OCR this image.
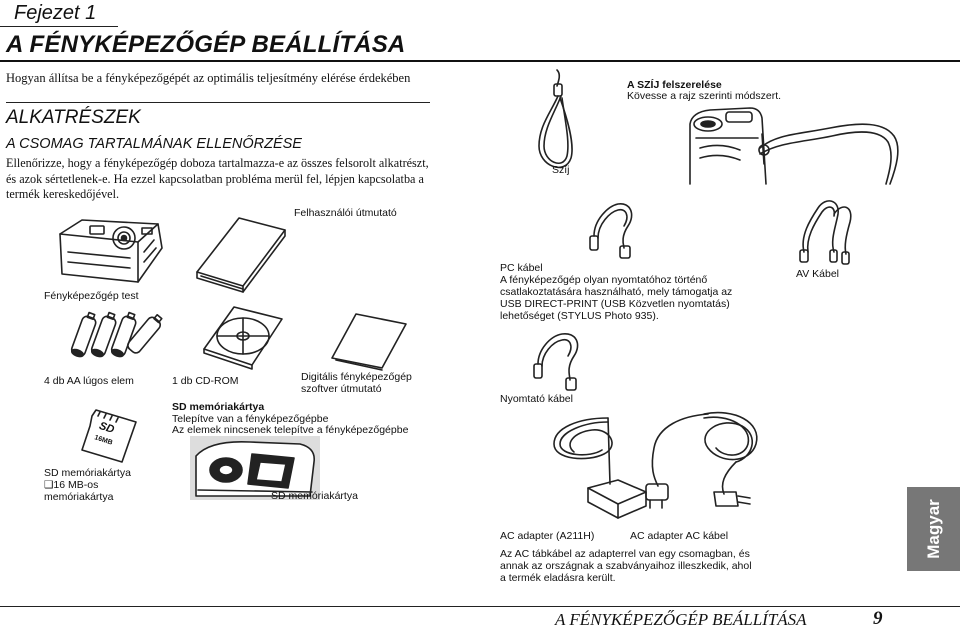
Fejezet 1
A FÉNYKÉPEZŐGÉP BEÁLLÍTÁSA
Hogyan állítsa be a fényképezőgépét az optimális teljesítmény elérése érdekében
ALKATRÉSZEK
A CSOMAG TARTALMÁNAK ELLENŐRZÉSE
Ellenőrizze, hogy a fényképezőgép doboza tartalmazza-e az összes felsorolt alkatrészt, és azok sértetlenek-e. Ha ezzel kapcsolatban probléma merül fel, lépjen kapcsolatba a termék kereskedőjével.
Szíj
A SZÍJ felszerelése
Kövesse a rajz szerinti módszert.
Fényképezőgép test
Felhasználói útmutató
4 db AA lúgos elem	1 db CD-ROM	Digitális fényképezőgép
szoftver útmutató
SD memóriakártya
Telepítve van a fényképezőgépbe
Az elemek nincsenek telepítve a fényképezőgépbe
SD
16MB
SD memóriakártya
❑16 MB-os
memóriakártya	SD memóriakártya
PC kábel
A fényképezőgép olyan nyomtatóhoz történő
csatlakoztatására használható, mely támogatja az
USB DIRECT-PRINT (USB Közvetlen nyomtatás)
lehetőséget (STYLUS Photo 935).
AV Kábel
Nyomtató kábel
AC adapter (A211H)	AC adapter AC kábel
Az AC tábkábel az adapterrel van egy csomagban, és
annak az országnak a szabványaihoz illeszkedik, ahol
a termék eladásra került.
Magyar
A FÉNYKÉPEZŐGÉP BEÁLLÍTÁSA	9
